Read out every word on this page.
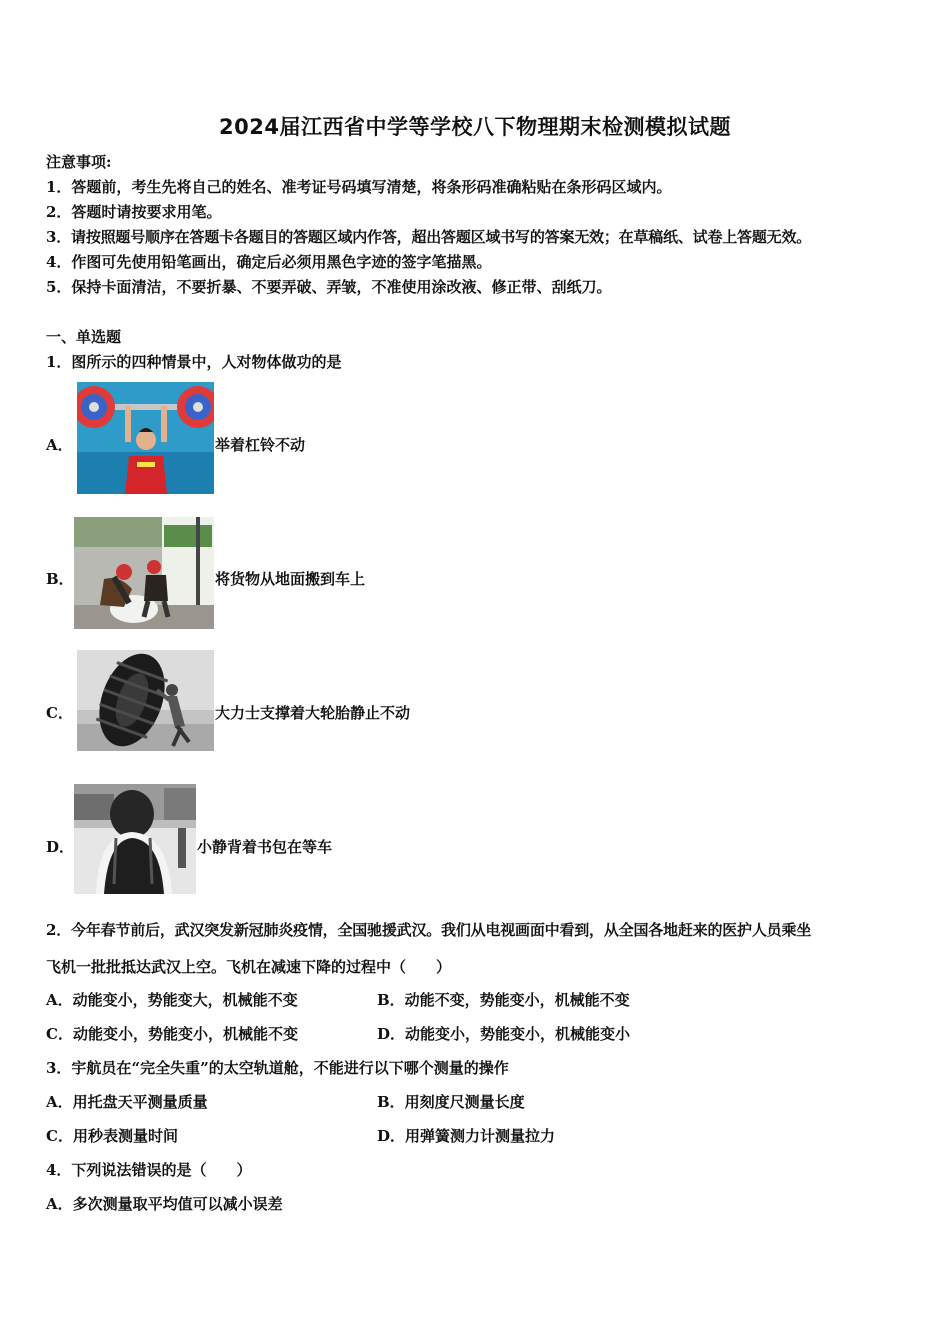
2024届江西省中学等学校八下物理期末检测模拟试题
注意事项:
1．答题前，考生先将自己的姓名、准考证号码填写清楚，将条形码准确粘贴在条形码区域内。
2．答题时请按要求用笔。
3．请按照题号顺序在答题卡各题目的答题区域内作答，超出答题区域书写的答案无效；在草稿纸、试卷上答题无效。
4．作图可先使用铅笔画出，确定后必须用黑色字迹的签字笔描黑。
5．保持卡面清洁，不要折暴、不要弄破、弄皱，不准使用涂改液、修正带、刮纸刀。
一、单选题
1．图所示的四种情景中，人对物体做功的是
A．	举着杠铃不动
B．	将货物从地面搬到车上
C．	大力士支撑着大轮胎静止不动
D．	小静背着书包在等车
2．今年春节前后，武汉突发新冠肺炎疫情，全国驰援武汉。我们从电视画面中看到，从全国各地赶来的医护人员乘坐
飞机一批批抵达武汉上空。飞机在减速下降的过程中（　　）
A．动能变小，势能变大，机械能不变	B．动能不变，势能变小，机械能不变
C．动能变小，势能变小，机械能不变	D．动能变小，势能变小，机械能变小
3．宇航员在“完全失重”的太空轨道舱，不能进行以下哪个测量的操作
A．用托盘天平测量质量	B．用刻度尺测量长度
C．用秒表测量时间	D．用弹簧测力计测量拉力
4．下列说法错误的是（　　）
A．多次测量取平均值可以减小误差
